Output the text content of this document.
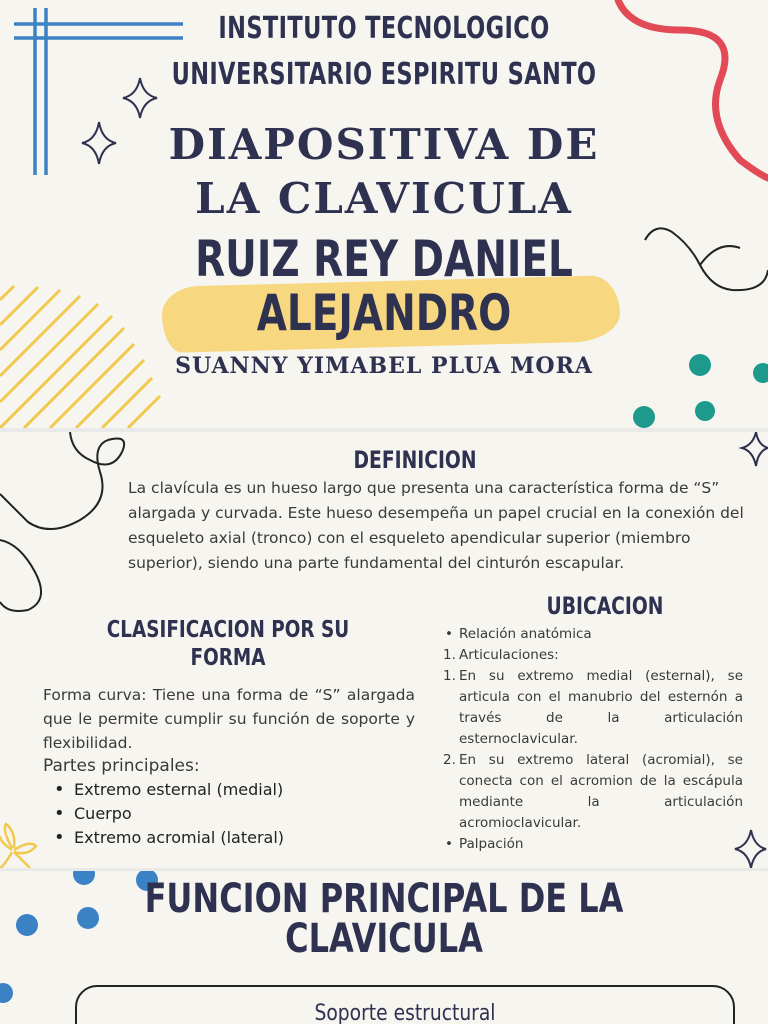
INSTITUTO TECNOLOGICO
UNIVERSITARIO ESPIRITU SANTO
DIAPOSITIVA DE
LA CLAVICULA
RUIZ REY DANIEL
ALEJANDRO
SUANNY YIMABEL PLUA MORA
DEFINICION

La clavícula es un hueso largo que presenta una característica forma de “S” alargada y curvada. Este hueso desempeña un papel crucial en la conexión del esqueleto axial (tronco) con el esqueleto apendicular superior (miembro superior), siendo una parte fundamental del cinturón escapular.

UBICACION
CLASIFICACION POR SU
FORMA

Forma curva: Tiene una forma de “S” alargada que le permite cumplir su función de soporte y flexibilidad.

Partes principales:

• Extremo esternal (medial)
• Cuerpo
• Extremo acromial (lateral)
• Relación anatómica
1. Articulaciones:
1. En su extremo medial (esternal), se articula con el manubrio del esternón a través de la articulación esternoclavicular.
2. En su extremo lateral (acromial), se conecta con el acromion de la escápula mediante la articulación acromioclavicular.
• Palpación
FUNCION PRINCIPAL DE LA
CLAVICULA
Soporte estructural
